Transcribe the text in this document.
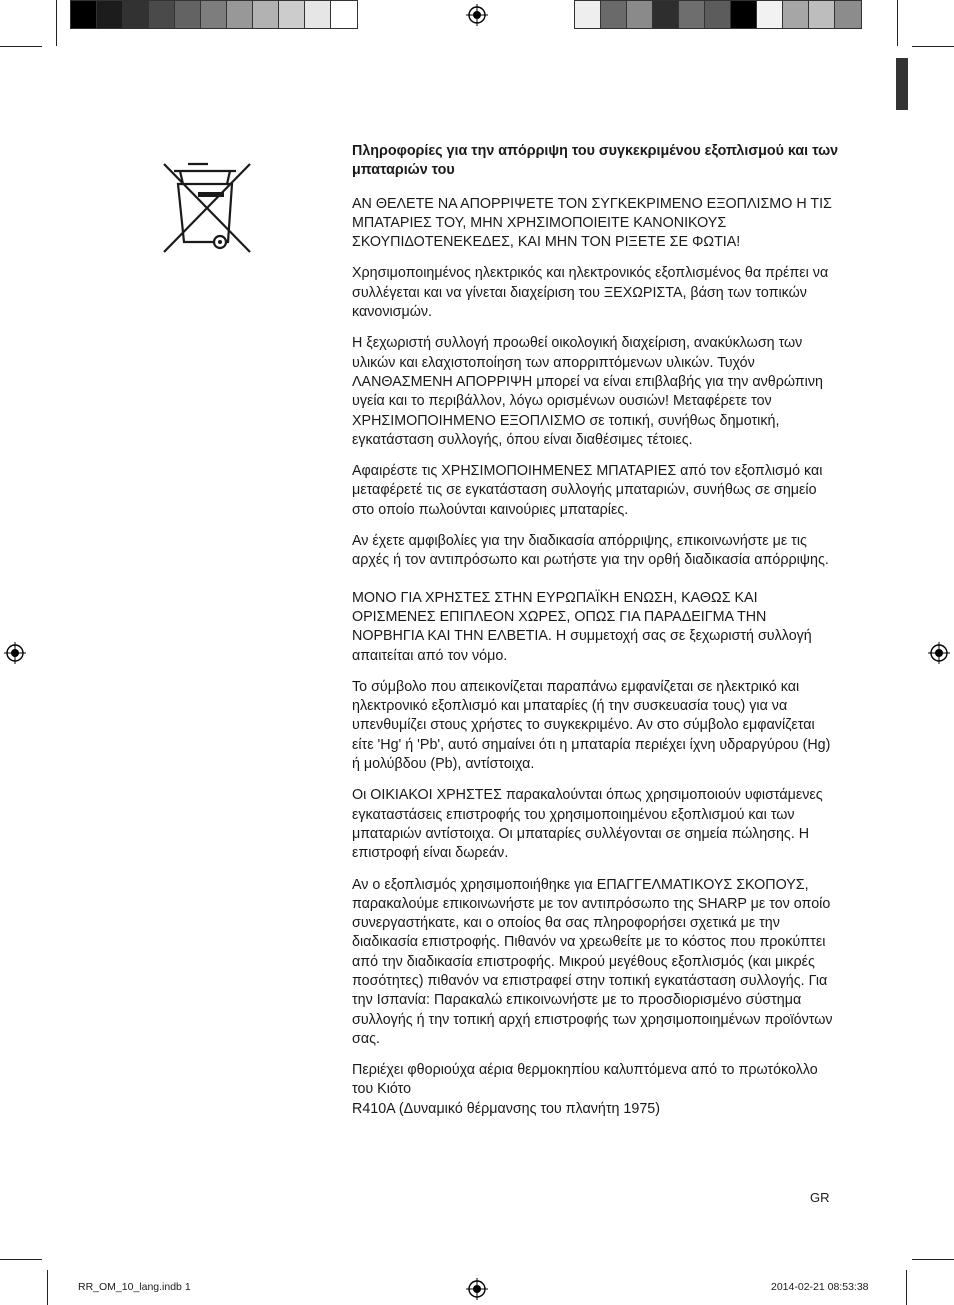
Πληροφορίες για την απόρριψη του συγκεκριμένου εξοπλισμού και των μπαταριών του

ΑΝ ΘΕΛΕΤΕ ΝΑ ΑΠΟΡΡΙΨΕΤΕ ΤΟΝ ΣΥΓΚΕΚΡΙΜΕΝΟ ΕΞΟΠΛΙΣΜΟ Η ΤΙΣ ΜΠΑΤΑΡΙΕΣ ΤΟΥ, ΜΗΝ ΧΡΗΣΙΜΟΠΟΙΕΙΤΕ ΚΑΝΟΝΙΚΟΥΣ ΣΚΟΥΠΙΔΟΤΕΝΕΚΕΔΕΣ, ΚΑΙ ΜΗΝ ΤΟΝ ΡΙΞΕΤΕ ΣΕ ΦΩΤΙΑ!

Χρησιμοποιημένος ηλεκτρικός και ηλεκτρονικός εξοπλισμένος θα πρέπει να συλλέγεται και να γίνεται διαχείριση του ΞΕΧΩΡΙΣΤΑ, βάση των τοπικών κανονισμών.

Η ξεχωριστή συλλογή προωθεί οικολογική διαχείριση, ανακύκλωση των υλικών και ελαχιστοποίηση των απορριπτόμενων υλικών. Τυχόν ΛΑΝΘΑΣΜΕΝΗ ΑΠΟΡΡΙΨΗ μπορεί να είναι επιβλαβής για την ανθρώπινη υγεία και το περιβάλλον, λόγω ορισμένων ουσιών! Μεταφέρετε τον ΧΡΗΣΙΜΟΠΟΙΗΜΕΝΟ ΕΞΟΠΛΙΣΜΟ σε τοπική, συνήθως δημοτική, εγκατάσταση συλλογής, όπου είναι διαθέσιμες τέτοιες.

Αφαιρέστε τις ΧΡΗΣΙΜΟΠΟΙΗΜΕΝΕΣ ΜΠΑΤΑΡΙΕΣ από τον εξοπλισμό και μεταφέρετέ τις σε εγκατάσταση συλλογής μπαταριών, συνήθως σε σημείο στο οποίο πωλούνται καινούριες μπαταρίες.

Αν έχετε αμφιβολίες για την διαδικασία απόρριψης, επικοινωνήστε με τις αρχές ή τον αντιπρόσωπο και ρωτήστε για την ορθή διαδικασία απόρριψης.

ΜΟΝΟ ΓΙΑ ΧΡΗΣΤΕΣ ΣΤΗΝ ΕΥΡΩΠΑΪΚΗ ΕΝΩΣΗ, ΚΑΘΩΣ ΚΑΙ ΟΡΙΣΜΕΝΕΣ ΕΠΙΠΛΕΟΝ ΧΩΡΕΣ, ΟΠΩΣ ΓΙΑ ΠΑΡΑΔΕΙΓΜΑ ΤΗΝ ΝΟΡΒΗΓΙΑ ΚΑΙ ΤΗΝ ΕΛΒΕΤΙΑ. Η συμμετοχή σας σε ξεχωριστή συλλογή απαιτείται από τον νόμο.

Το σύμβολο που απεικονίζεται παραπάνω εμφανίζεται σε ηλεκτρικό και ηλεκτρονικό εξοπλισμό και μπαταρίες (ή την συσκευασία τους) για να υπενθυμίζει στους χρήστες το συγκεκριμένο. Αν στο σύμβολο εμφανίζεται είτε 'Hg' ή 'Pb', αυτό σημαίνει ότι η μπαταρία περιέχει ίχνη υδραργύρου (Hg) ή μολύβδου (Pb), αντίστοιχα.

Οι ΟΙΚΙΑΚΟΙ ΧΡΗΣΤΕΣ παρακαλούνται όπως χρησιμοποιούν υφιστάμενες εγκαταστάσεις επιστροφής του χρησιμοποιημένου εξοπλισμού και των μπαταριών αντίστοιχα. Οι μπαταρίες συλλέγονται σε σημεία πώλησης. Η επιστροφή είναι δωρεάν.

Αν ο εξοπλισμός χρησιμοποιήθηκε για ΕΠΑΓΓΕΛΜΑΤΙΚΟΥΣ ΣΚΟΠΟΥΣ, παρακαλούμε επικοινωνήστε με τον αντιπρόσωπο της SHARP με τον οποίο συνεργαστήκατε, και ο οποίος θα σας πληροφορήσει σχετικά με την διαδικασία επιστροφής. Πιθανόν να χρεωθείτε με το κόστος που προκύπτει από την διαδικασία επιστροφής. Μικρού μεγέθους εξοπλισμός (και μικρές ποσότητες) πιθανόν να επιστραφεί στην τοπική εγκατάσταση συλλογής. Για την Ισπανία: Παρακαλώ επικοινωνήστε με το προσδιορισμένο σύστημα συλλογής ή την τοπική αρχή επιστροφής των χρησιμοποιημένων προϊόντων σας.

Περιέχει φθοριούχα αέρια θερμοκηπίου καλυπτόμενα από το πρωτόκολλο του Κιότο
R410A (Δυναμικό θέρμανσης του πλανήτη 1975)

GR
RR_OM_10_lang.indb 1	2014-02-21 08:53:38
